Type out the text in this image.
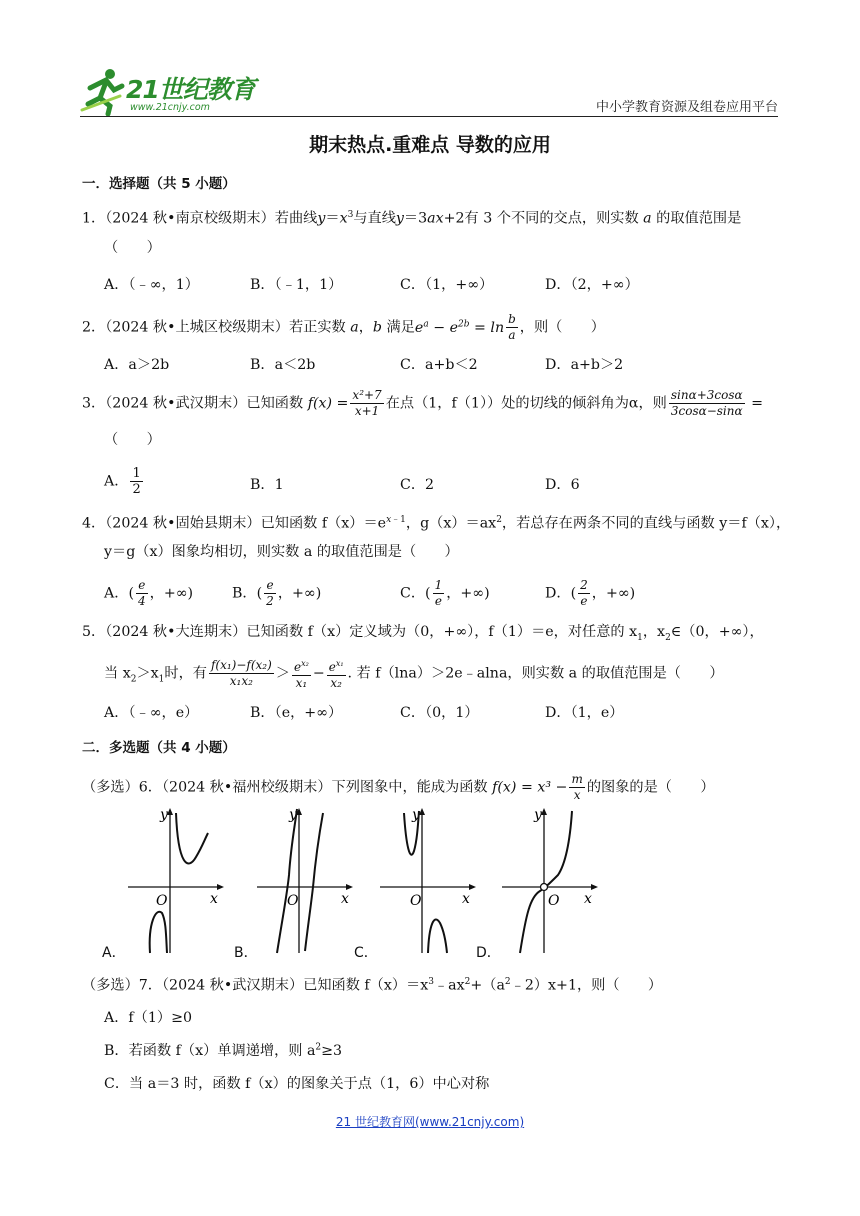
21世纪教育
www.21cnjy.com	中小学教育资源及组卷应用平台
期末热点.重难点 导数的应用
一．选择题（共 5 小题）
1．（2024 秋•南京校级期末）若曲线$y=x^3$与直线y＝3ax+2有 3 个不同的交点，则实数 a 的取值范围是
（　　）
A．（﹣∞，1）	B．（﹣1，1）	C．（1，+∞）	D．（2，+∞）
2．（2024 秋•上城区校级期末）若正实数 a，b 满足$e^a - e^{2b} = \ln \frac{b}{a}$ ，则（　　）
A．a＞2b	B．a＜2b	C．a+b＜2	D．a+b＞2
3．（2024 秋•武汉期末）已知函数 $f(x) = \frac{\text{x²+7}}{x+1}$ 在点（1，f（1））处的切线的倾斜角为α，则 $\frac{\sin\alpha+3\cos\alpha}{3\cos\alpha-\sin\alpha}$ =
（　　）
A． $\frac{1}{2}$	B．1	C．2	D．6
4．（2024 秋•固始县期末）已知函数 $f(x)=e^{x﹣1}$，$g(x)=ax^2$，若总存在两条不同的直线与函数 y＝f（x），
y＝g（x）图象均相切，则实数 a 的取值范围是（　　）
A．( $\frac{e}{4}$ ，+∞)	B．( $\frac{e}{2}$ ，+∞)	C．( $\frac{1}{e}$ ，+∞)	D．( $\frac{2}{e}$ ，+∞)
5．（2024 秋•大连期末）已知函数 f（x）定义域为（0，+∞），f（1）＝e，对任意的 $x_1$，$x_2\in(0$，+∞），
当 $x_2>x_1$时，有 $\frac{\text{f(x₁)−f(x₂)}}{\text{x₁x₂}} > \frac{e^{x_2}}{\text{x₁}} - \frac{e^{x_1}}{\text{x₂}}$ . 若 f（lna）＞2e﹣alna，则实数 a 的取值范围是（　　）
A．（﹣∞，e）	B．（e，+∞）	C．（0，1）	D．（1，e）
二．多选题（共 4 小题）
（多选）6．（2024 秋•福州校级期末）下列图象中，能成为函数 $f(x) = x^3 - \frac{m}{x}$ 的图象的是（　　）
y
x
O
A．
y
x
O
B．
y
x
O
C．
y
x
O
D．
（多选）7．（2024 秋•武汉期末）已知函数 $f(x)=x^3﹣ax^2+(a^2﹣2)x+1$，则（　　）
A．f（1）≥0
B．若函数 f（x）单调递增，则 $a^2\ge 3$
C．当 a＝3 时，函数 f（x）的图象关于点（1，6）中心对称
21 世纪教育网(www.21cnjy.com)
